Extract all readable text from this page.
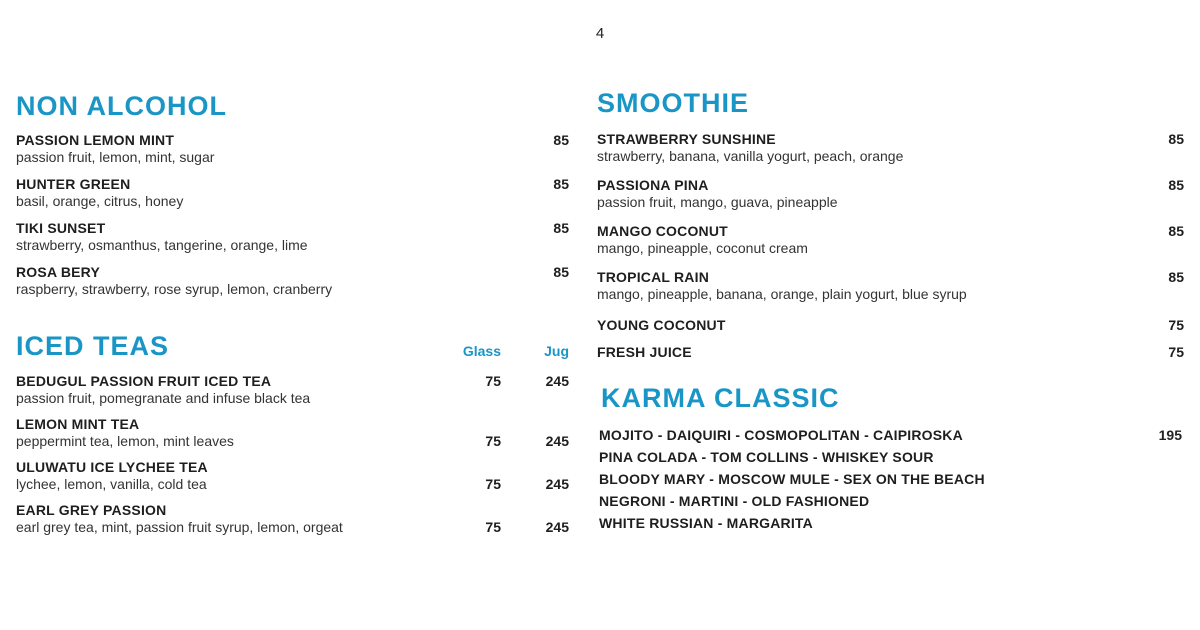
4
NON ALCOHOL
PASSION LEMON MINT
passion fruit, lemon, mint, sugar
85
HUNTER GREEN
basil, orange, citrus, honey
85
TIKI SUNSET
strawberry, osmanthus, tangerine, orange, lime
85
ROSA BERY
raspberry, strawberry, rose syrup, lemon, cranberry
85
ICED TEAS	Glass	Jug
BEDUGUL PASSION FRUIT ICED TEA
passion fruit, pomegranate and infuse black tea
75	245
LEMON MINT TEA
peppermint tea, lemon, mint leaves	75	245
ULUWATU ICE LYCHEE TEA
lychee, lemon, vanilla, cold tea	75	245
EARL GREY PASSION
earl grey tea, mint, passion fruit syrup, lemon, orgeat	75	245
SMOOTHIE
STRAWBERRY SUNSHINE
strawberry, banana, vanilla yogurt, peach, orange
85
PASSIONA PINA
passion fruit, mango, guava, pineapple
85
MANGO COCONUT
mango, pineapple, coconut cream
85
TROPICAL RAIN
mango, pineapple, banana, orange, plain yogurt, blue syrup
85
YOUNG COCONUT	75
FRESH JUICE	75
KARMA CLASSIC
195
MOJITO - DAIQUIRI - COSMOPOLITAN - CAIPIROSKA
PINA COLADA - TOM COLLINS - WHISKEY SOUR
BLOODY MARY - MOSCOW MULE - SEX ON THE BEACH
NEGRONI - MARTINI - OLD FASHIONED
WHITE RUSSIAN - MARGARITA
